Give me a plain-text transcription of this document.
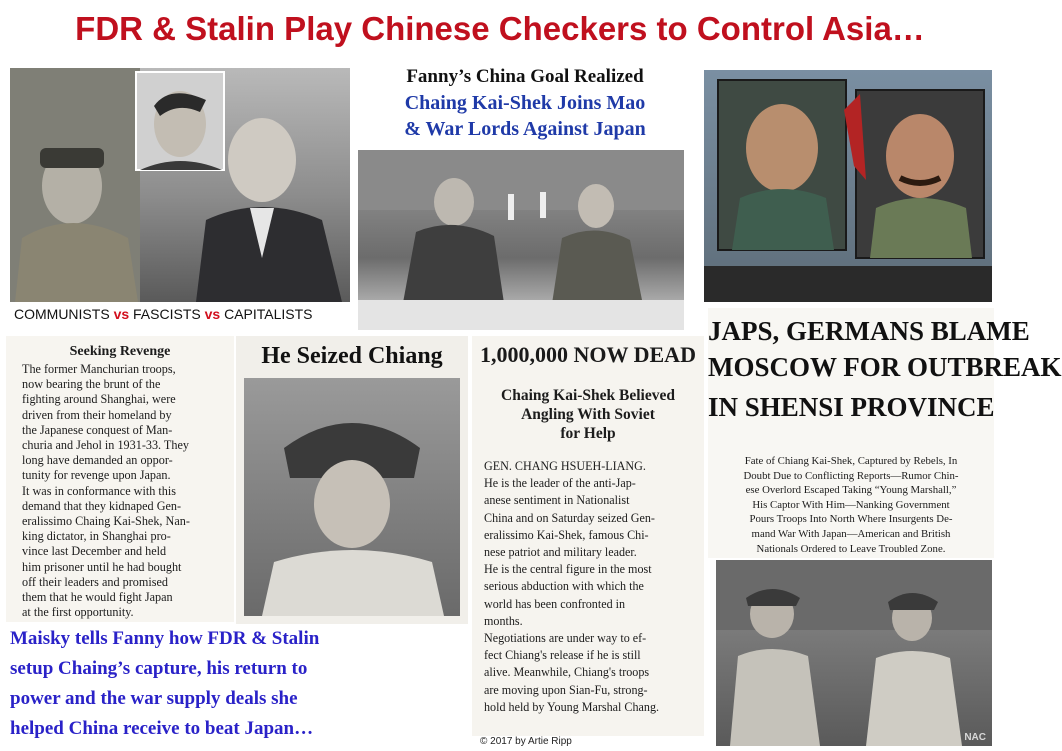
FDR & Stalin Play Chinese Checkers to Control Asia…
COMMUNISTS vs FASCISTS vs CAPITALISTS
Fanny’s China Goal Realized
Chaing Kai-Shek Joins Mao
& War Lords Against Japan
Seeking Revenge
The former Manchurian troops,
now bearing the brunt of the
fighting around Shanghai, were
driven from their homeland by
the Japanese conquest of Man-
churia and Jehol in 1931-33. They
long have demanded an oppor-
tunity for revenge upon Japan.
It was in conformance with this
demand that they kidnaped Gen-
eralissimo Chaing Kai-Shek, Nan-
king dictator, in Shanghai pro-
vince last December and held
him prisoner until he had bought
off their leaders and promised
them that he would fight Japan
at the first opportunity.
He Seized Chiang	1,000,000 NOW DEAD
Chaing Kai-Shek Believed
Angling With Soviet
for Help
GEN. CHANG HSUEH-LIANG.
He is the leader of the anti-Jap-
anese sentiment in Nationalist
China and on Saturday seized Gen-
eralissimo Kai-Shek, famous Chi-
nese patriot and military leader.
He is the central figure in the most
serious abduction with which the
world has been confronted in
months.
Negotiations are under way to ef-
fect Chiang's release if he is still
alive. Meanwhile, Chiang's troops
are moving upon Sian-Fu, strong-
hold held by Young Marshal Chang.
JAPS, GERMANS BLAME
MOSCOW FOR OUTBREAK
IN SHENSI PROVINCE
Fate of Chiang Kai-Shek, Captured by Rebels, In
Doubt Due to Conflicting Reports—Rumor Chin-
ese Overlord Escaped Taking “Young Marshall,”
His Captor With Him—Nanking Government
Pours Troops Into North Where Insurgents De-
mand War With Japan—American and British
Nationals Ordered to Leave Troubled Zone.
NAC
Maisky tells Fanny how FDR & Stalin
setup Chaing’s capture, his return to
power and the war supply deals she
helped China receive to beat Japan…
© 2017 by Artie Ripp
